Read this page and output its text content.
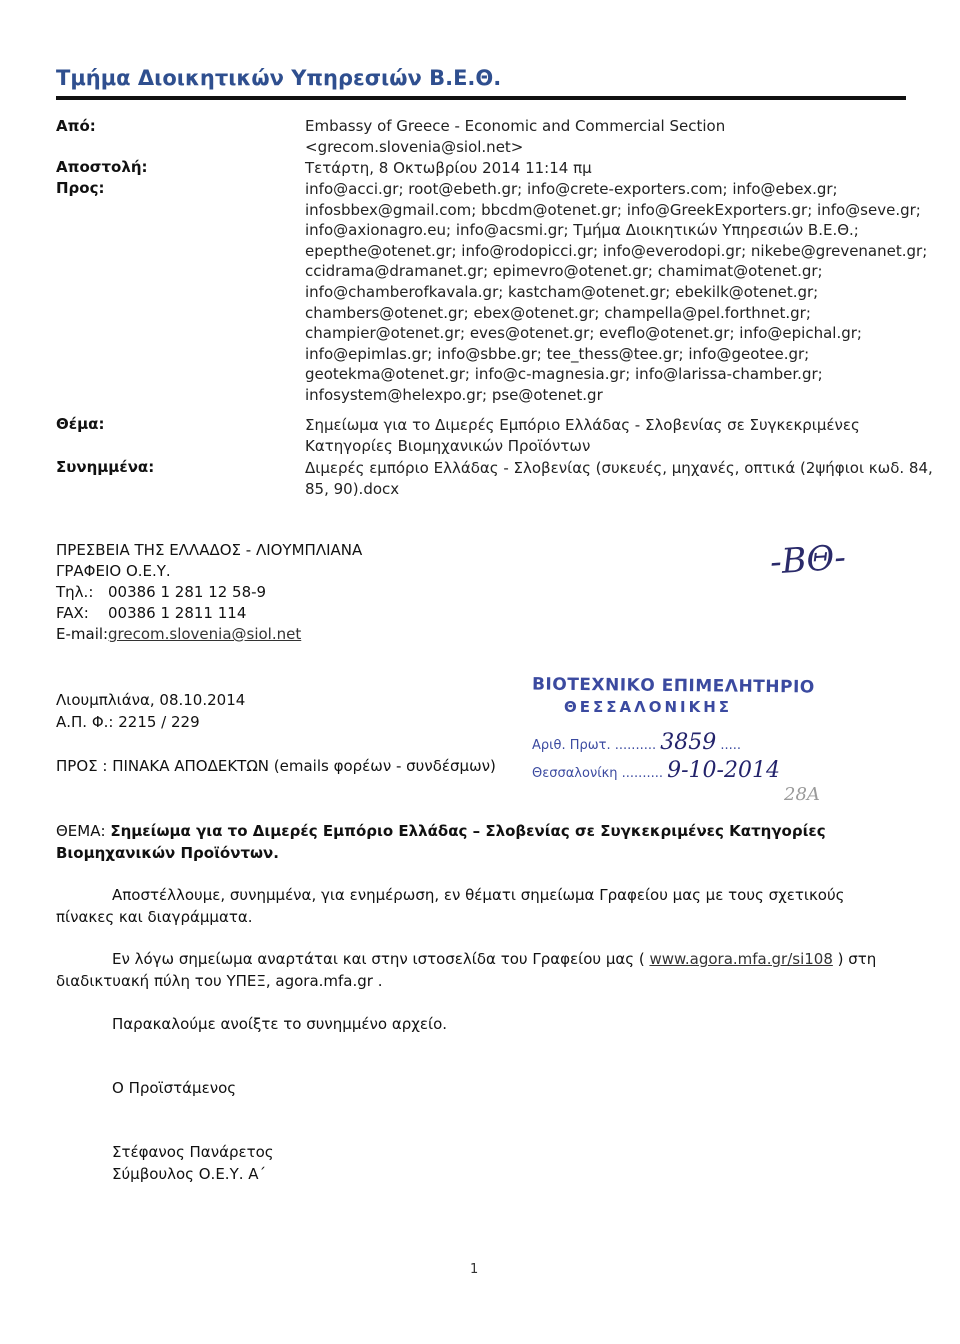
Τμήμα Διοικητικών Υπηρεσιών Β.Ε.Θ.
Από:	Embassy of Greece - Economic and Commercial Section
<grecom.slovenia@siol.net>
Αποστολή:	Τετάρτη, 8 Οκτωβρίου 2014 11:14 πμ
Προς:	info@acci.gr; root@ebeth.gr; info@crete-exporters.com; info@ebex.gr;
infosbbex@gmail.com; bbcdm@otenet.gr; info@GreekExporters.gr; info@seve.gr;
info@axionagro.eu; info@acsmi.gr; Τμήμα Διοικητικών Υπηρεσιών Β.Ε.Θ.;
epepthe@otenet.gr; info@rodopicci.gr; info@everodopi.gr; nikebe@grevenanet.gr;
ccidrama@dramanet.gr; epimevro@otenet.gr; chamimat@otenet.gr;
info@chamberofkavala.gr; kastcham@otenet.gr; ebekilk@otenet.gr;
chambers@otenet.gr; ebex@otenet.gr; champella@pel.forthnet.gr;
champier@otenet.gr; eves@otenet.gr; eveflo@otenet.gr; info@epichal.gr;
info@epimlas.gr; info@sbbe.gr; tee_thess@tee.gr; info@geotee.gr;
geotekma@otenet.gr; info@c-magnesia.gr; info@larissa-chamber.gr;
infosystem@helexpo.gr; pse@otenet.gr
Θέμα:	Σημείωμα για το Διμερές Εμπόριο Ελλάδας - Σλοβενίας σε Συγκεκριμένες
Κατηγορίες Βιομηχανικών Προϊόντων
Συνημμένα:	Διμερές εμπόριο Ελλάδας - Σλοβενίας (συκευές, μηχανές, οπτικά (2ψήφιοι κωδ. 84,
85, 90).docx
ΠΡΕΣΒΕΙΑ ΤΗΣ ΕΛΛΑΔΟΣ - ΛΙΟΥΜΠΛΙΑΝΑ
ΓΡΑΦΕΙΟ Ο.Ε.Υ.
Τηλ.: 00386 1 281 12 58-9
FAX: 00386 1 2811 114
E-mail:grecom.slovenia@siol.net
-ΒΘ-
Λιουμπλιάνα, 08.10.2014
Α.Π. Φ.: 2215 / 229
ΠΡΟΣ : ΠΙΝΑΚΑ ΑΠΟΔΕΚΤΩΝ (emails φορέων - συνδέσμων)
ΒΙΟΤΕΧΝΙΚΟ ΕΠΙΜΕΛΗΤΗΡΙΟ
ΘΕΣΣΑΛΟΝΙΚΗΣ
Αριθ. Πρωτ. .......... 3859 .....
Θεσσαλονίκη .......... 9-10-2014
28Α
ΘΕΜΑ: Σημείωμα για το Διμερές Εμπόριο Ελλάδας – Σλοβενίας σε Συγκεκριμένες Κατηγορίες Βιομηχανικών Προϊόντων.
Αποστέλλουμε, συνημμένα, για ενημέρωση, εν θέματι σημείωμα Γραφείου μας με τους σχετικούς πίνακες και διαγράμματα.
Εν λόγω σημείωμα αναρτάται και στην ιστοσελίδα του Γραφείου μας ( www.agora.mfa.gr/si108 ) στη διαδικτυακή πύλη του ΥΠΕΞ, agora.mfa.gr .
Παρακαλούμε ανοίξτε το συνημμένο αρχείο.
Ο Προϊστάμενος
Στέφανος Πανάρετος
Σύμβουλος Ο.Ε.Υ. Α΄
1
